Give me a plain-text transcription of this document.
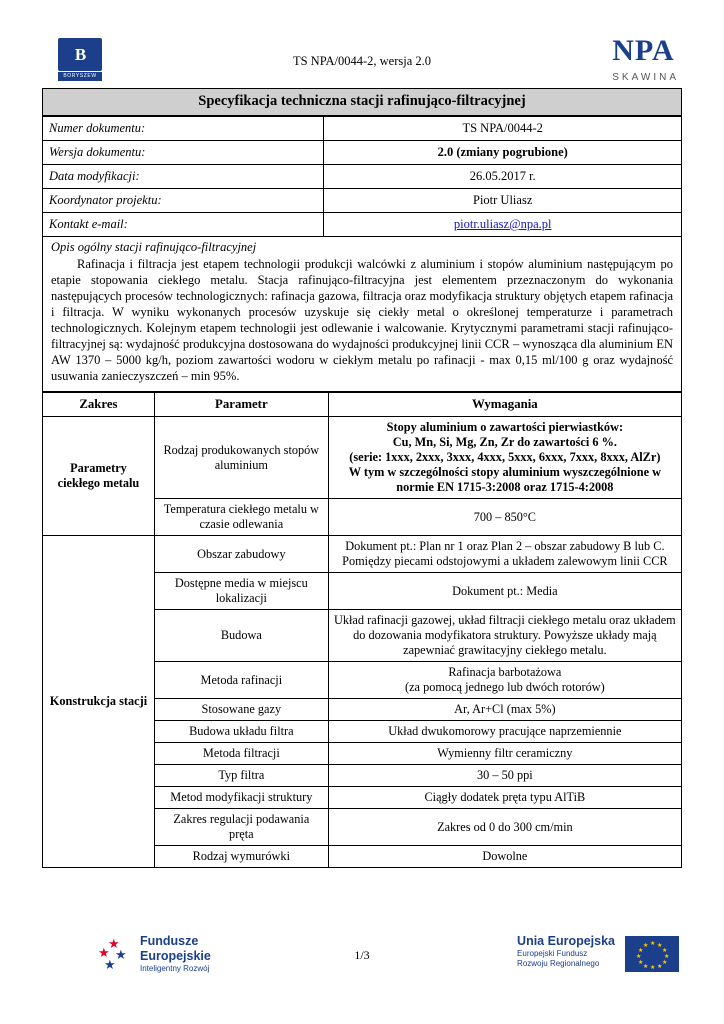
B
BORYSZEW
TS NPA/0044-2, wersja 2.0	NPA
SKAWINA
Specyfikacja techniczna stacji rafinująco-filtracyjnej
Numer dokumentu:	TS NPA/0044-2
Wersja dokumentu:	2.0 (zmiany pogrubione)
Data modyfikacji:	26.05.2017 r.
Koordynator projektu:	Piotr Uliasz
Kontakt e-mail:	piotr.uliasz@npa.pl
Opis ogólny stacji rafinująco-filtracyjnej
Rafinacja i filtracja jest etapem technologii produkcji walcówki z aluminium i stopów aluminium następującym po etapie stopowania ciekłego metalu. Stacja rafinująco-filtracyjna jest elementem przeznaczonym do wykonania następujących procesów technologicznych: rafinacja gazowa, filtracja oraz modyfikacja struktury objętych etapem rafinacja i filtracja. W wyniku wykonanych procesów uzyskuje się ciekły metal o określonej temperaturze i parametrach technologicznych. Kolejnym etapem technologii jest odlewanie i walcowanie. Krytycznymi parametrami stacji rafinująco-filtracyjnej są: wydajność produkcyjna dostosowana do wydajności produkcyjnej linii CCR – wynosząca dla aluminium EN AW 1370 – 5000 kg/h, poziom zawartości wodoru w ciekłym metalu po rafinacji - max 0,15 ml/100 g oraz wydajność usuwania zanieczyszczeń – min 95%.
Zakres	Parametr	Wymagania
Parametry ciekłego metalu	Rodzaj produkowanych stopów aluminium	Stopy aluminium o zawartości pierwiastków:
Cu, Mn, Si, Mg, Zn, Zr do zawartości 6 %.
(serie: 1xxx, 2xxx, 3xxx, 4xxx, 5xxx, 6xxx, 7xxx, 8xxx, AlZr)
W tym w szczególności stopy aluminium wyszczególnione w normie EN 1715-3:2008 oraz 1715-4:2008

	Temperatura ciekłego metalu w czasie odlewania	700 – 850°C
Konstrukcja stacji	Obszar zabudowy	Dokument pt.: Plan nr 1 oraz Plan 2 – obszar zabudowy B lub C. Pomiędzy piecami odstojowymi a układem zalewowym linii CCR
	Dostępne media w miejscu lokalizacji	Dokument pt.: Media
	Budowa	Układ rafinacji gazowej, układ filtracji ciekłego metalu oraz układem do dozowania modyfikatora struktury. Powyższe układy mają zapewniać grawitacyjny ciekłego metalu.
	Metoda rafinacji	Rafinacja barbotażowa
(za pomocą jednego lub dwóch rotorów)

	Stosowane gazy	Ar, Ar+Cl (max 5%)
	Budowa układu filtra	Układ dwukomorowy pracujące naprzemiennie
	Metoda filtracji	Wymienny filtr ceramiczny
	Typ filtra	30 – 50 ppi
	Metod modyfikacji struktury	Ciągły dodatek pręta typu AlTiB
	Zakres regulacji podawania pręta	Zakres od 0 do 300 cm/min
	Rodzaj wymurówki	Dowolne
★
★ ★
★
Fundusze
Europejskie
Inteligentny Rozwój
1/3
Unia Europejska
Europejski Fundusz
Rozwoju Regionalnego
★ ★
★
★
★
★
★
★
★
★
★
★
